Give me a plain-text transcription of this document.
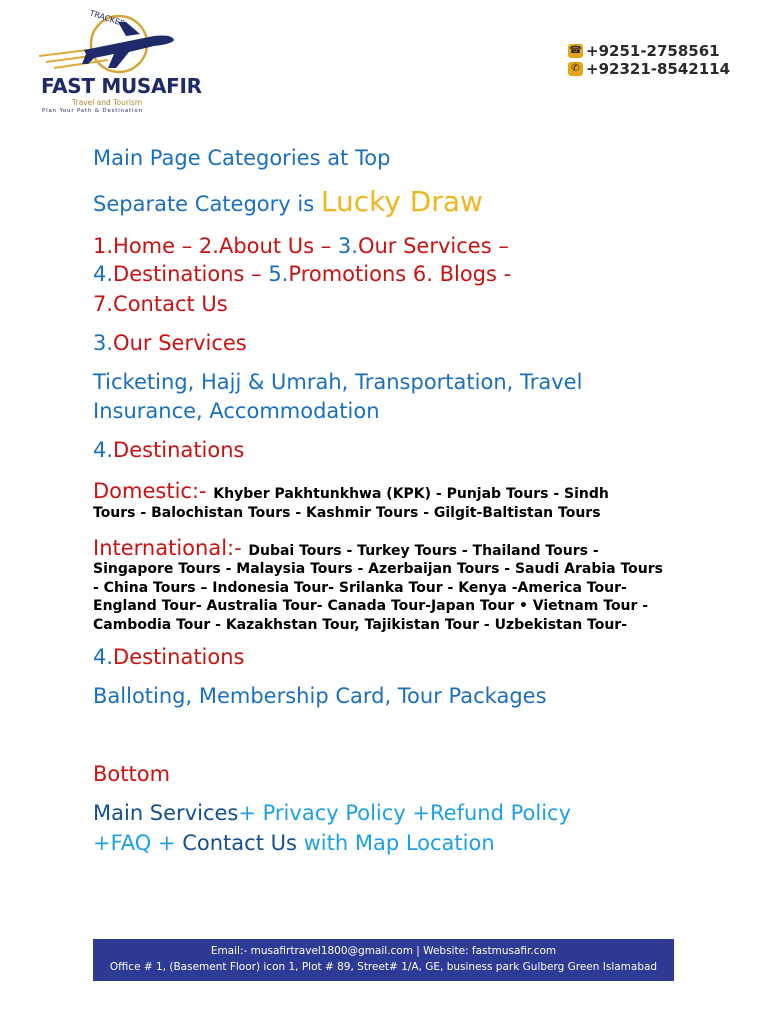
TRACKER
FAST MUSAFIR
Travel and Tourism
Plan Your Path & Destination
☎ +9251-2758561
✆ +92321-8542114

Main Page Categories at Top

Separate Category is Lucky Draw

1.Home – 2.About Us – 3.Our Services –

4.Destinations – 5.Promotions 6. Blogs -

7.Contact Us

3.Our Services

Ticketing, Hajj & Umrah, Transportation, Travel

Insurance, Accommodation

4.Destinations

Domestic:- Khyber Pakhtunkhwa (KPK) - Punjab Tours - Sindh

Tours - Balochistan Tours - Kashmir Tours - Gilgit-Baltistan Tours

International:- Dubai Tours - Turkey Tours - Thailand Tours -

Singapore Tours - Malaysia Tours - Azerbaijan Tours - Saudi Arabia Tours

- China Tours – Indonesia Tour- Srilanka Tour - Kenya -America Tour-

England Tour- Australia Tour- Canada Tour-Japan Tour • Vietnam Tour -

Cambodia Tour - Kazakhstan Tour, Tajikistan Tour - Uzbekistan Tour-

4.Destinations

Balloting, Membership Card, Tour Packages

Bottom

Main Services+ Privacy Policy +Refund Policy

+FAQ + Contact Us with Map Location

Email:- musafirtravel1800@gmail.com | Website: fastmusafir.com
Office # 1, (Basement Floor) icon 1, Plot # 89, Street# 1/A, GE, business park Gulberg Green Islamabad
